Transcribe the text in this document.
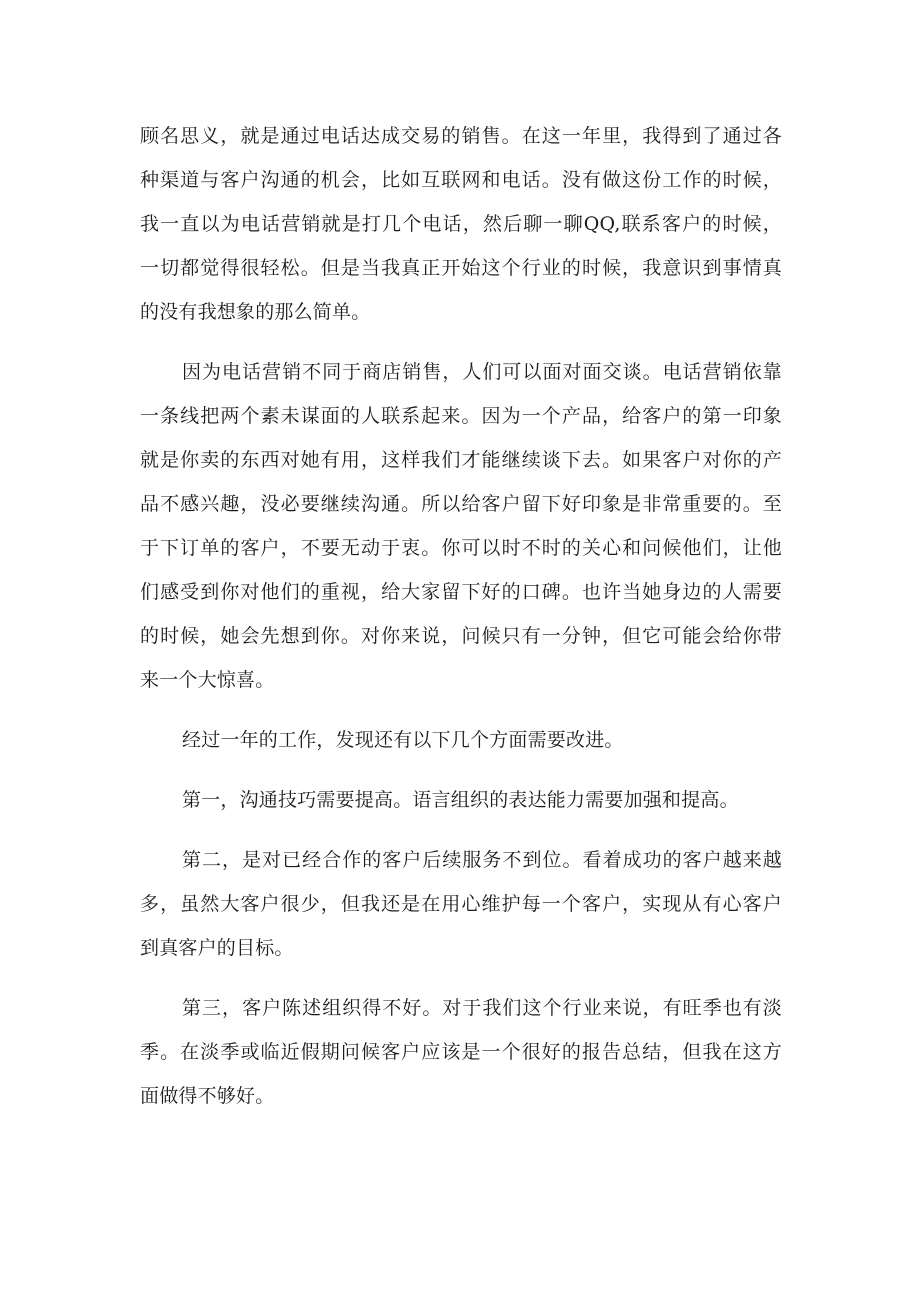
顾名思义，就是通过电话达成交易的销售。在这一年里，我得到了通过各
种渠道与客户沟通的机会，比如互联网和电话。没有做这份工作的时候，
我一直以为电话营销就是打几个电话，然后聊一聊QQ,联系客户的时候，
一切都觉得很轻松。但是当我真正开始这个行业的时候，我意识到事情真
的没有我想象的那么简单。
因为电话营销不同于商店销售，人们可以面对面交谈。电话营销依靠
一条线把两个素未谋面的人联系起来。因为一个产品，给客户的第一印象
就是你卖的东西对她有用，这样我们才能继续谈下去。如果客户对你的产
品不感兴趣，没必要继续沟通。所以给客户留下好印象是非常重要的。至
于下订单的客户，不要无动于衷。你可以时不时的关心和问候他们，让他
们感受到你对他们的重视，给大家留下好的口碑。也许当她身边的人需要
的时候，她会先想到你。对你来说，问候只有一分钟，但它可能会给你带
来一个大惊喜。
经过一年的工作，发现还有以下几个方面需要改进。
第一，沟通技巧需要提高。语言组织的表达能力需要加强和提高。
第二，是对已经合作的客户后续服务不到位。看着成功的客户越来越
多，虽然大客户很少，但我还是在用心维护每一个客户，实现从有心客户
到真客户的目标。
第三，客户陈述组织得不好。对于我们这个行业来说，有旺季也有淡
季。在淡季或临近假期问候客户应该是一个很好的报告总结，但我在这方
面做得不够好。
